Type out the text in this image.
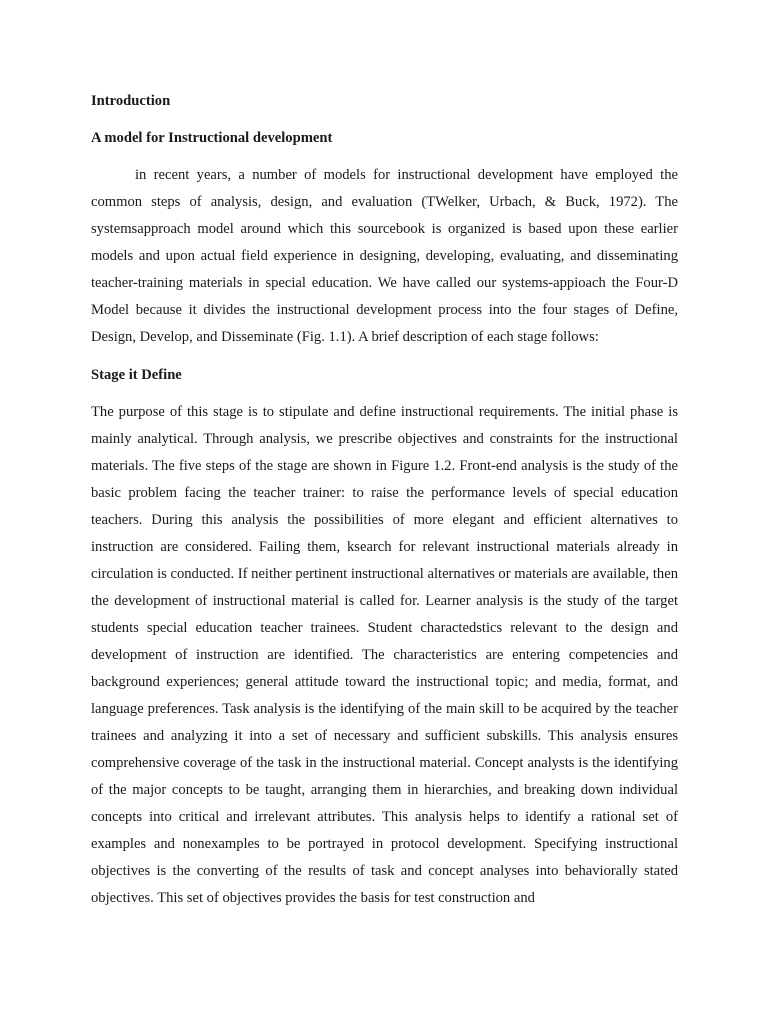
Introduction

A model for Instructional development

in recent years, a number of models for instructional development have employed the common steps of analysis, design, and evaluation (TWelker, Urbach, & Buck, 1972). The systemsapproach model around which this sourcebook is organized is based upon these earlier models and upon actual field experience in designing, developing, evaluating, and disseminating teacher-training materials in special education. We have called our systems-appioach the Four-D Model because it divides the instructional development process into the four stages of Define, Design, Develop, and Disseminate (Fig. 1.1). A brief description of each stage follows:

Stage it Define

The purpose of this stage is to stipulate and define instructional requirements. The initial phase is mainly analytical. Through analysis, we prescribe objectives and constraints for the instructional materials. The five steps of the stage are shown in Figure 1.2. Front-end analysis is the study of the basic problem facing the teacher trainer: to raise the performance levels of special education teachers. During this analysis the possibilities of more elegant and efficient alternatives to instruction are considered. Failing them, ksearch for relevant instructional materials already in circulation is conducted. If neither pertinent instructional alternatives or materials are available, then the development of instructional material is called for. Learner analysis is the study of the target students special education teacher trainees. Student charactedstics relevant to the design and development of instruction are identified. The characteristics are entering competencies and background experiences; general attitude toward the instructional topic; and media, format, and language preferences. Task analysis is the identifying of the main skill to be acquired by the teacher trainees and analyzing it into a set of necessary and sufficient subskills. This analysis ensures comprehensive coverage of the task in the instructional material. Concept analysts is the identifying of the major concepts to be taught, arranging them in hierarchies, and breaking down individual concepts into critical and irrelevant attributes. This analysis helps to identify a rational set of examples and nonexamples to be portrayed in protocol development. Specifying instructional objectives is the converting of the results of task and concept analyses into behaviorally stated objectives. This set of objectives provides the basis for test construction and
